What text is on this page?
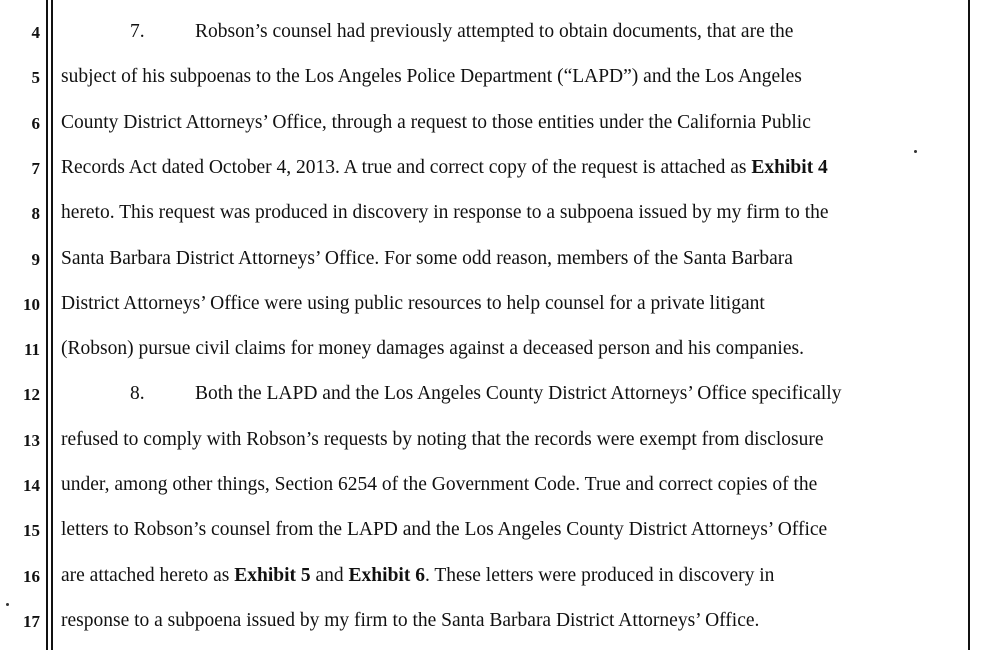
4	7.	Robson’s counsel had previously attempted to obtain documents, that are the
5 subject of his subpoenas to the Los Angeles Police Department (“LAPD”) and the Los Angeles
6 County District Attorneys’ Office, through a request to those entities under the California Public
7 Records Act dated October 4, 2013. A true and correct copy of the request is attached as Exhibit 4
8 hereto. This request was produced in discovery in response to a subpoena issued by my firm to the
9 Santa Barbara District Attorneys’ Office. For some odd reason, members of the Santa Barbara
10 District Attorneys’ Office were using public resources to help counsel for a private litigant
11 (Robson) pursue civil claims for money damages against a deceased person and his companies.
12	8.	Both the LAPD and the Los Angeles County District Attorneys’ Office specifically
13 refused to comply with Robson’s requests by noting that the records were exempt from disclosure
14 under, among other things, Section 6254 of the Government Code. True and correct copies of the
15 letters to Robson’s counsel from the LAPD and the Los Angeles County District Attorneys’ Office
16 are attached hereto as Exhibit 5 and Exhibit 6. These letters were produced in discovery in
17 response to a subpoena issued by my firm to the Santa Barbara District Attorneys’ Office.
